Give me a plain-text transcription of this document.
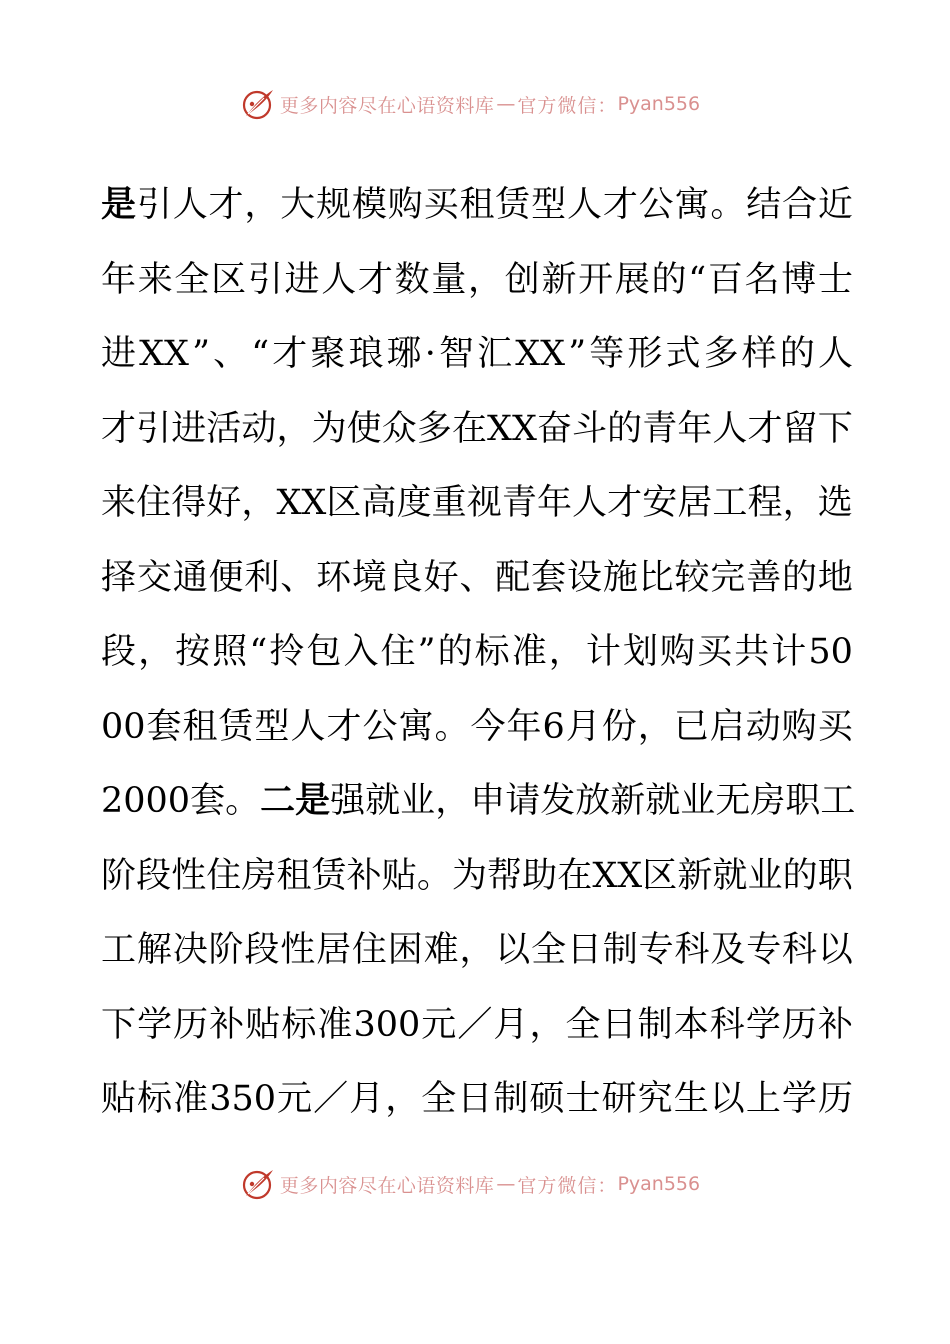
更多内容尽在心语资料库 — 官方微信： Pyan556
是 引 人 才 ， 大 规 模 购 买 租 赁 型 人 才 公 寓 。 结 合 近
年 来 全 区 引 进 人 才 数 量 ， 创 新 开 展 的 “ 百 名 博 士
进 XX ” 、 “ 才 聚 琅 琊 · 智 汇 XX ” 等 形 式 多 样 的 人
才 引 进 活 动 ， 为 使 众 多 在 XX 奋 斗 的 青 年 人 才 留 下
来 住 得 好 ， XX 区 高 度 重 视 青 年 人 才 安 居 工 程 ， 选
择 交 通 便 利 、 环 境 良 好 、 配 套 设 施 比 较 完 善 的 地
段 ， 按 照 “ 拎 包 入 住 ” 的 标 准 ， 计 划 购 买 共 计 50
00 套 租 赁 型 人 才 公 寓 。 今 年 6 月 份 ， 已 启 动 购 买
2000 套 。 二 是 强 就 业 ， 申 请 发 放 新 就 业 无 房 职 工
阶 段 性 住 房 租 赁 补 贴 。 为 帮 助 在 XX 区 新 就 业 的 职
工 解 决 阶 段 性 居 住 困 难 ， 以 全 日 制 专 科 及 专 科 以
下 学 历 补 贴 标 准 300 元 ／ 月 ， 全 日 制 本 科 学 历 补
贴 标 准 350 元 ／ 月 ， 全 日 制 硕 士 研 究 生 以 上 学 历
更多内容尽在心语资料库 — 官方微信： Pyan556
